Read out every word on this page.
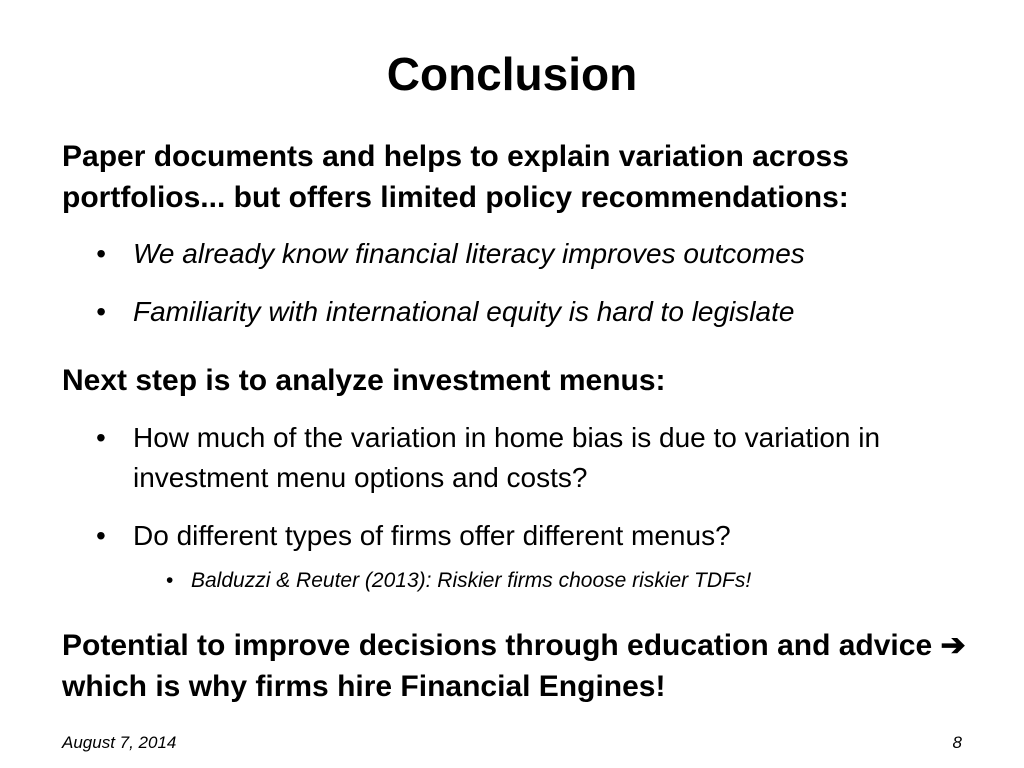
Conclusion

Paper documents and helps to explain variation across portfolios... but offers limited policy recommendations:

• We already know financial literacy improves outcomes
• Familiarity with international equity is hard to legislate

Next step is to analyze investment menus:

• How much of the variation in home bias is due to variation in investment menu options and costs?
• Do different types of firms offer different menus?
• Balduzzi & Reuter (2013): Riskier firms choose riskier TDFs!

Potential to improve decisions through education and advice ➔ which is why firms hire Financial Engines!

August 7, 2014	8
